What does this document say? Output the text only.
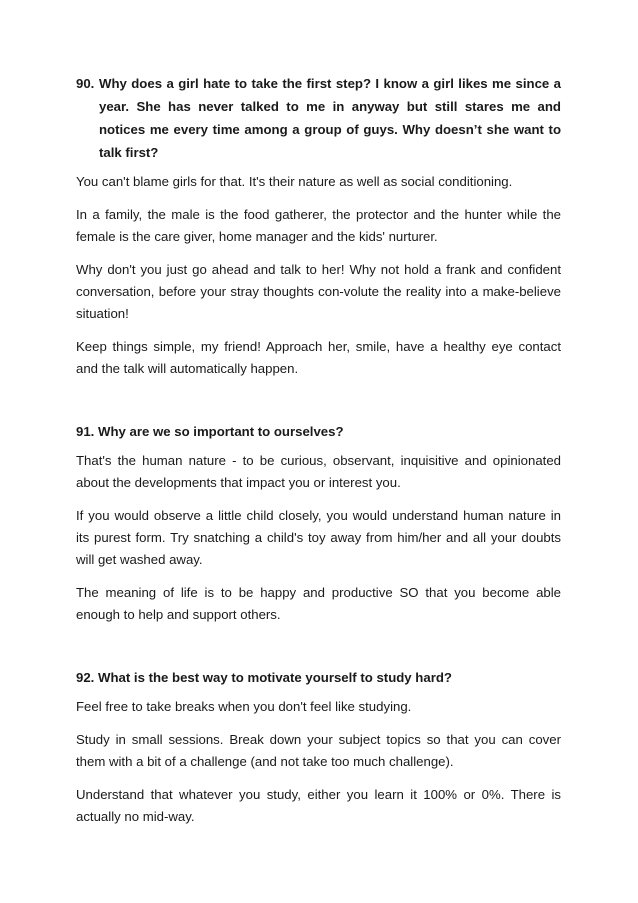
90. Why does a girl hate to take the first step? I know a girl likes me since a year. She has never talked to me in anyway but still stares me and notices me every time among a group of guys. Why doesn’t she want to talk first?

You can't blame girls for that. It's their nature as well as social conditioning.

In a family, the male is the food gatherer, the protector and the hunter while the female is the care giver, home manager and the kids' nurturer.

Why don't you just go ahead and talk to her! Why not hold a frank and confident conversation, before your stray thoughts con-volute the reality into a make-believe situation!

Keep things simple, my friend! Approach her, smile, have a healthy eye contact and the talk will automatically happen.

91. Why are we so important to ourselves?

That's the human nature - to be curious, observant, inquisitive and opinionated about the developments that impact you or interest you.

If you would observe a little child closely, you would understand human nature in its purest form. Try snatching a child's toy away from him/her and all your doubts will get washed away.

The meaning of life is to be happy and productive SO that you become able enough to help and support others.

92. What is the best way to motivate yourself to study hard?

Feel free to take breaks when you don't feel like studying.

Study in small sessions. Break down your subject topics so that you can cover them with a bit of a challenge (and not take too much challenge).

Understand that whatever you study, either you learn it 100% or 0%. There is actually no mid-way.
